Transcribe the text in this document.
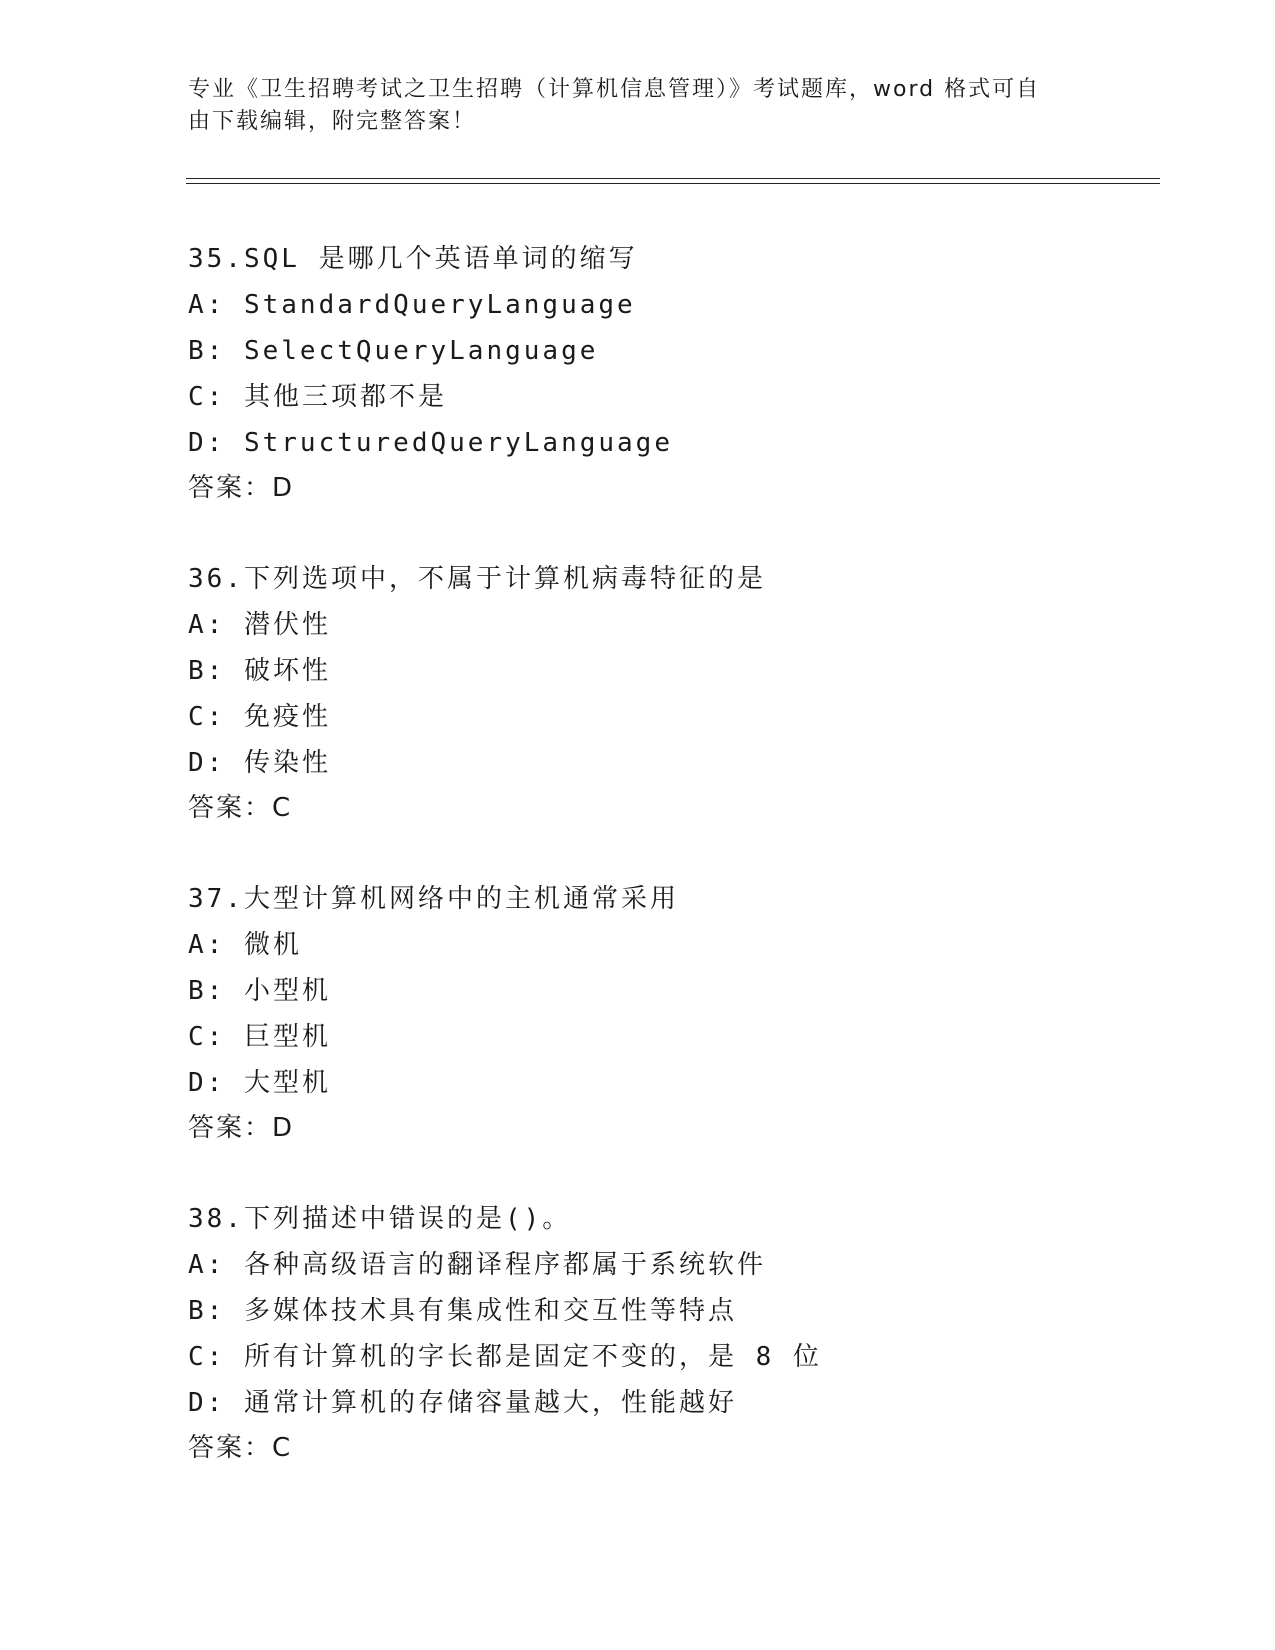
专业《卫生招聘考试之卫生招聘（计算机信息管理）》考试题库，word 格式可自
由下载编辑，附完整答案！
35.SQL 是哪几个英语单词的缩写
A: StandardQueryLanguage
B: SelectQueryLanguage
C: 其他三项都不是
D: StructuredQueryLanguage
答案：D
36.下列选项中，不属于计算机病毒特征的是
A: 潜伏性
B: 破坏性
C: 免疫性
D: 传染性
答案：C
37.大型计算机网络中的主机通常采用
A: 微机
B: 小型机
C: 巨型机
D: 大型机
答案：D
38.下列描述中错误的是()。
A: 各种高级语言的翻译程序都属于系统软件
B: 多媒体技术具有集成性和交互性等特点
C: 所有计算机的字长都是固定不变的，是 8 位
D: 通常计算机的存储容量越大，性能越好
答案：C
